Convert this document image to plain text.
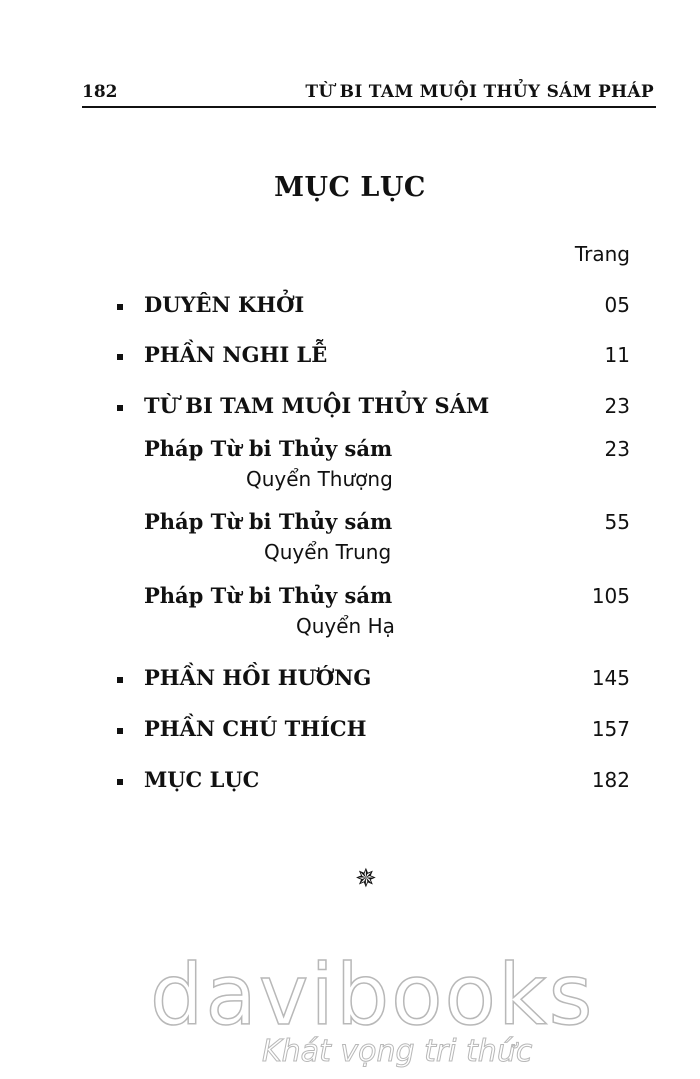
182	TỪ BI TAM MUỘI THỦY SÁM PHÁP
MỤC LỤC
Trang
DUYÊN KHỞI	05
PHẦN NGHI LỄ	11
TỪ BI TAM MUỘI THỦY SÁM	23
Pháp Từ bi Thủy sám	23
Quyển Thượng
Pháp Từ bi Thủy sám	55
Quyển Trung
Pháp Từ bi Thủy sám	105
Quyển Hạ
PHẦN HỒI HƯỚNG	145
PHẦN CHÚ THÍCH	157
MỤC LỤC	182
✵
davibooks
Khát vọng tri thức
